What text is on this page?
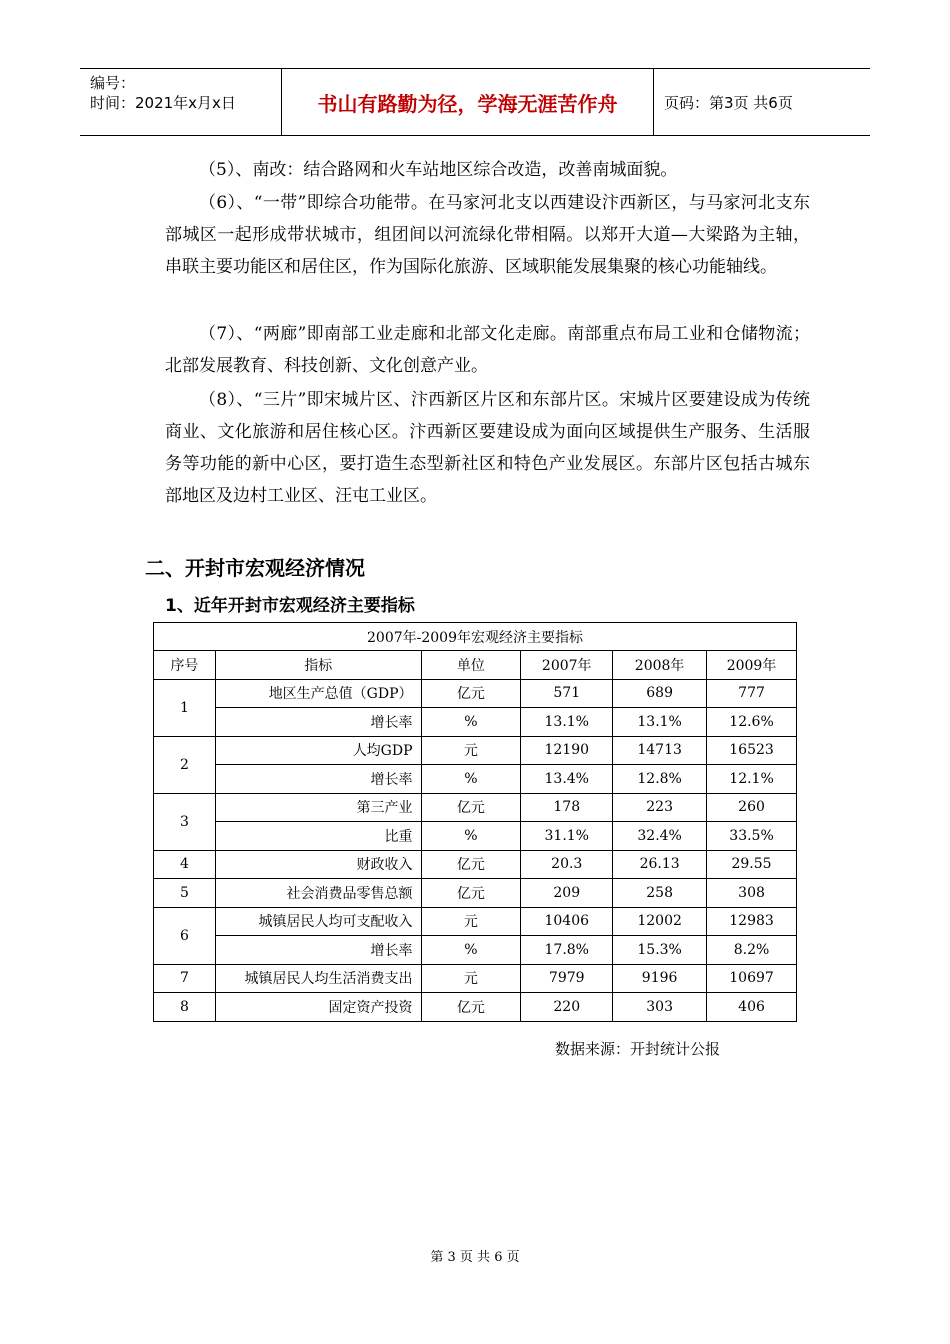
编号：
时间：2021年x月x日	书山有路勤为径，学海无涯苦作舟	页码：第3页 共6页
（5）、南改：结合路网和火车站地区综合改造，改善南城面貌。
（6）、“一带”即综合功能带。在马家河北支以西建设汴西新区，与马家河北支东部城区一起形成带状城市，组团间以河流绿化带相隔。以郑开大道—大梁路为主轴，串联主要功能区和居住区，作为国际化旅游、区域职能发展集聚的核心功能轴线。
（7）、“两廊”即南部工业走廊和北部文化走廊。南部重点布局工业和仓储物流；北部发展教育、科技创新、文化创意产业。
（8）、“三片”即宋城片区、汴西新区片区和东部片区。宋城片区要建设成为传统商业、文化旅游和居住核心区。汴西新区要建设成为面向区域提供生产服务、生活服务等功能的新中心区，要打造生态型新社区和特色产业发展区。东部片区包括古城东部地区及边村工业区、汪屯工业区。
二、开封市宏观经济情况
1、近年开封市宏观经济主要指标
2007年-2009年宏观经济主要指标					
序号	指标	单位	2007年	2008年	2009年
1	地区生产总值（GDP）	亿元	571	689	777
	增长率	%	13.1%	13.1%	12.6%
2	人均GDP	元	12190	14713	16523
	增长率	%	13.4%	12.8%	12.1%
3	第三产业	亿元	178	223	260
	比重	%	31.1%	32.4%	33.5%
4	财政收入	亿元	20.3	26.13	29.55
5	社会消费品零售总额	亿元	209	258	308
6	城镇居民人均可支配收入	元	10406	12002	12983
	增长率	%	17.8%	15.3%	8.2%
7	城镇居民人均生活消费支出	元	7979	9196	10697
8	固定资产投资	亿元	220	303	406
数据来源：开封统计公报
第 3 页 共 6 页
